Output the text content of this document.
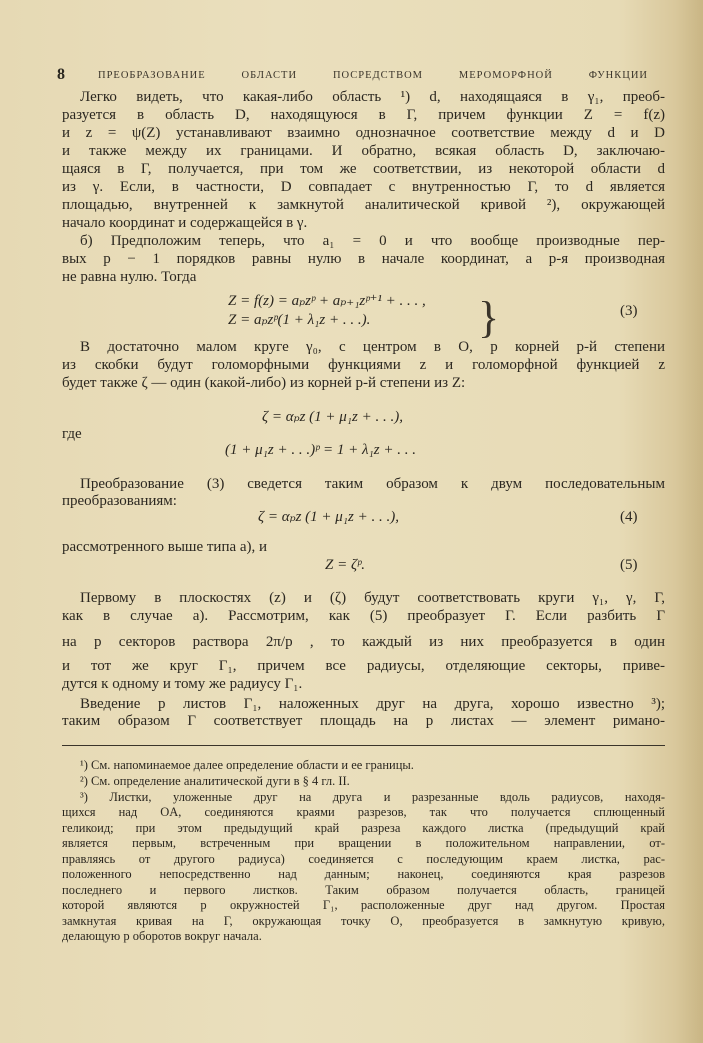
8	ПРЕОБРАЗОВАНИЕ ОБЛАСТИ ПОСРЕДСТВОМ МЕРОМОРФНОЙ ФУНКЦИИ
Легко видеть, что какая-либо область ¹) d, находящаяся в γ₁, преоб-
разуется в область D, находящуюся в Γ, причем функции Z = f(z)
и z = ψ(Z) устанавливают взаимно однозначное соответствие между d и D
и также между их границами. И обратно, всякая область D, заключаю-
щаяся в Γ, получается, при том же соответствии, из некоторой области d
из γ. Если, в частности, D совпадает с внутренностью Γ, то d является
площадью, внутренней к замкнутой аналитической кривой ²), окружающей
начало координат и содержащейся в γ.
б) Предположим теперь, что a₁ = 0 и что вообще производные пер-
вых p − 1 порядков равны нулю в начале координат, а p-я производная
не равна нулю. Тогда
Z = f(z) = aₚzᵖ + aₚ₊₁zᵖ⁺¹ + . . . ,
Z = aₚzᵖ(1 + λ₁z + . . .). }	(3)
В достаточно малом круге γ₀, с центром в O, p корней p-й степени
из скобки будут голоморфными функциями z и голоморфной функцией z
будет также ζ — один (какой-либо) из корней p-й степени из Z:
ζ = αₚz (1 + μ₁z + . . .),
где
(1 + μ₁z + . . .)ᵖ = 1 + λ₁z + . . .
Преобразование (3) сведется таким образом к двум последовательным
преобразованиям:
ζ = αₚz (1 + μ₁z + . . .),	(4)
рассмотренного выше типа а), и
Z = ζᵖ.	(5)
Первому в плоскостях (z) и (ζ) будут соответствовать круги γ₁, γ, Γ,
как в случае а). Рассмотрим, как (5) преобразует Γ. Если разбить Γ
на p секторов раствора 2π/p , то каждый из них преобразуется в один
и тот же круг Γ₁, причем все радиусы, отделяющие секторы, приве-
дутся к одному и тому же радиусу Γ₁.
Введение p листов Γ₁, наложенных друг на друга, хорошо известно ³);
таким образом Γ соответствует площадь на p листах — элемент римано-
¹) См. напоминаемое далее определение области и ее границы.
²) См. определение аналитической дуги в § 4 гл. II.
³) Листки, уложенные друг на друга и разрезанные вдоль радиусов, находя-
щихся над OA, соединяются краями разрезов, так что получается сплющенный
геликоид; при этом предыдущий край разреза каждого листка (предыдущий край
является первым, встреченным при вращении в положительном направлении, от-
правляясь от другого радиуса) соединяется с последующим краем листка, рас-
положенного непосредственно над данным; наконец, соединяются края разрезов
последнего и первого листков. Таким образом получается область, границей
которой являются p окружностей Γ₁, расположенные друг над другом. Простая
замкнутая кривая на Γ, окружающая точку O, преобразуется в замкнутую кривую,
делающую p оборотов вокруг начала.
